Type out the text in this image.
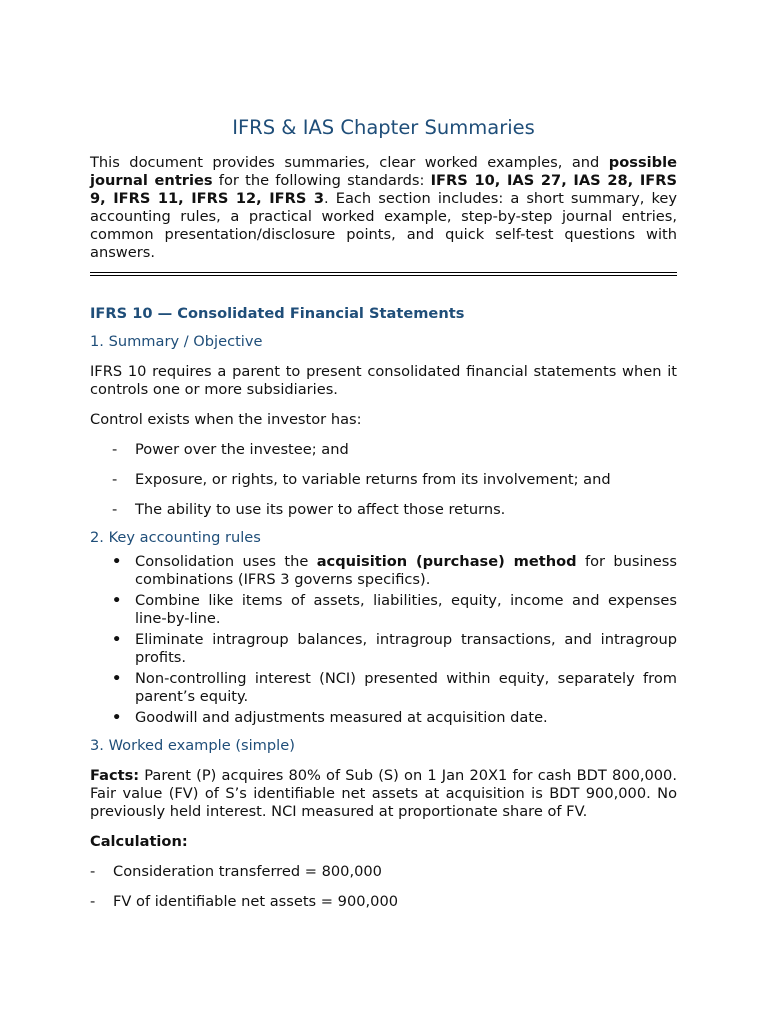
IFRS & IAS Chapter Summaries

This document provides summaries, clear worked examples, and possible journal entries for the following standards: IFRS 10, IAS 27, IAS 28, IFRS 9, IFRS 11, IFRS 12, IFRS 3. Each section includes: a short summary, key accounting rules, a practical worked example, step-by-step journal entries, common presentation/disclosure points, and quick self-test questions with answers.

IFRS 10 — Consolidated Financial Statements
1. Summary / Objective

IFRS 10 requires a parent to present consolidated financial statements when it controls one or more subsidiaries.

Control exists when the investor has:

- Power over the investee; and
- Exposure, or rights, to variable returns from its involvement; and
- The ability to use its power to affect those returns.
2. Key accounting rules
• Consolidation uses the acquisition (purchase) method for business combinations (IFRS 3 governs specifics).
• Combine like items of assets, liabilities, equity, income and expenses line-by-line.
• Eliminate intragroup balances, intragroup transactions, and intragroup profits.
• Non-controlling interest (NCI) presented within equity, separately from parent’s equity.
• Goodwill and adjustments measured at acquisition date.
3. Worked example (simple)

Facts: Parent (P) acquires 80% of Sub (S) on 1 Jan 20X1 for cash BDT 800,000. Fair value (FV) of S’s identifiable net assets at acquisition is BDT 900,000. No previously held interest. NCI measured at proportionate share of FV.

Calculation:

- Consideration transferred = 800,000
- FV of identifiable net assets = 900,000
